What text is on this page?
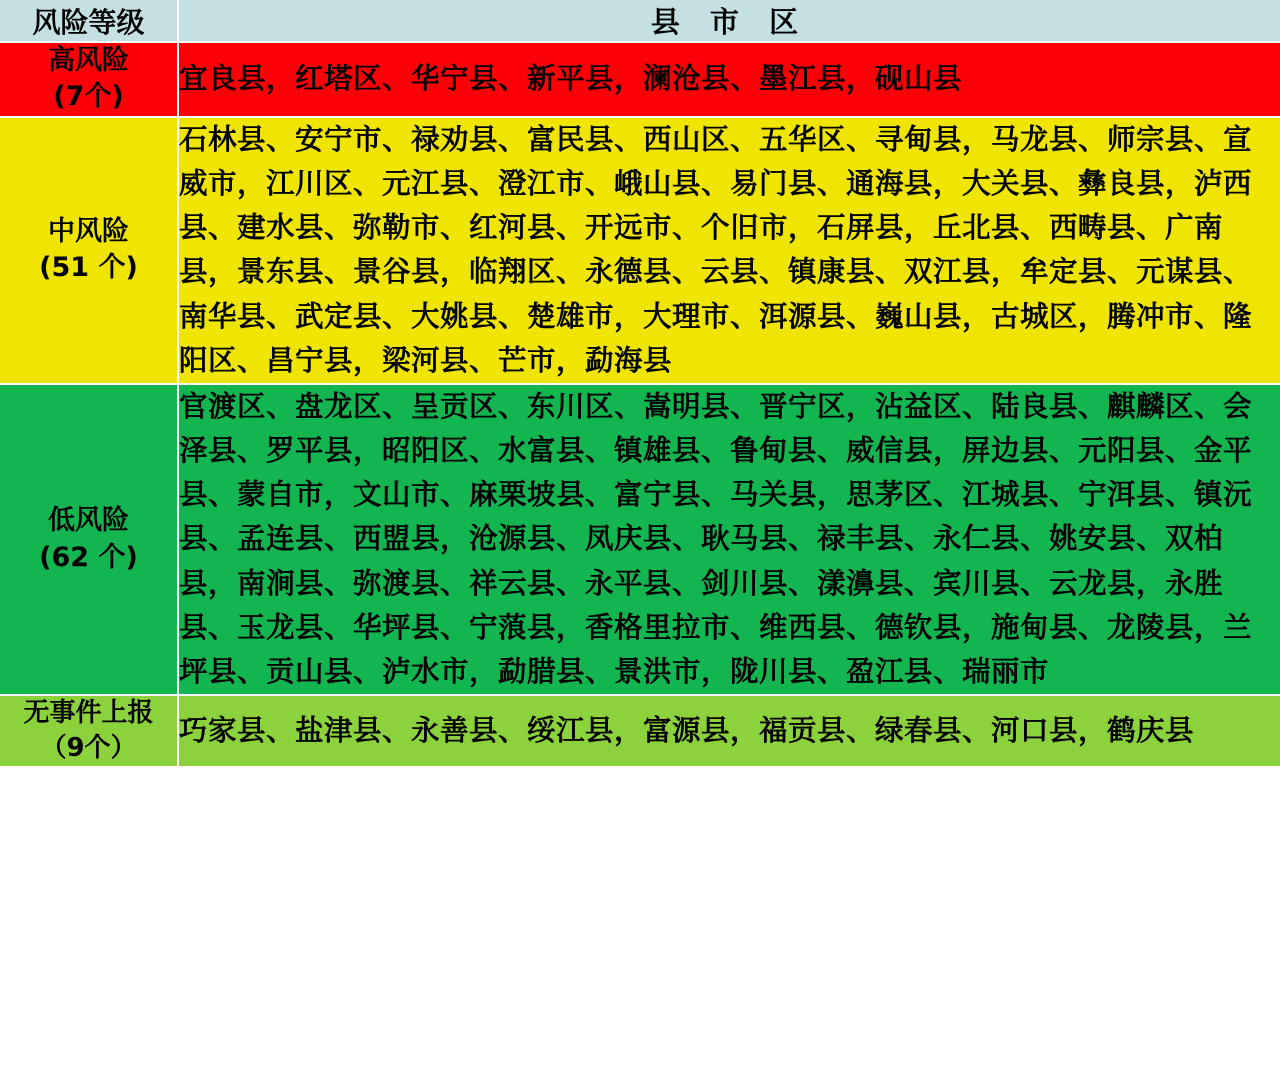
风险等级	县 市 区
高风险
(7个)	宜良县，红塔区、华宁县、新平县，澜沧县、墨江县，砚山县
中风险
(51 个)	石林县、安宁市、禄劝县、富民县、西山区、五华区、寻甸县，马龙县、师宗县、宣威市，江川区、元江县、澄江市、峨山县、易门县、通海县，大关县、彝良县，泸西县、建水县、弥勒市、红河县、开远市、个旧市，石屏县，丘北县、西畴县、广南县，景东县、景谷县，临翔区、永德县、云县、镇康县、双江县，牟定县、元谋县、南华县、武定县、大姚县、楚雄市，大理市、洱源县、巍山县，古城区，腾冲市、隆阳区、昌宁县，梁河县、芒市，勐海县
低风险
(62 个)	官渡区、盘龙区、呈贡区、东川区、嵩明县、晋宁区，沾益区、陆良县、麒麟区、会泽县、罗平县，昭阳区、水富县、镇雄县、鲁甸县、威信县，屏边县、元阳县、金平县、蒙自市，文山市、麻栗坡县、富宁县、马关县，思茅区、江城县、宁洱县、镇沅县、孟连县、西盟县，沧源县、凤庆县、耿马县、禄丰县、永仁县、姚安县、双柏县，南涧县、弥渡县、祥云县、永平县、剑川县、漾濞县、宾川县、云龙县，永胜县、玉龙县、华坪县、宁蒗县，香格里拉市、维西县、德钦县，施甸县、龙陵县，兰坪县、贡山县、泸水市，勐腊县、景洪市，陇川县、盈江县、瑞丽市
无事件上报
（9个）	巧家县、盐津县、永善县、绥江县，富源县，福贡县、绿春县、河口县，鹤庆县
